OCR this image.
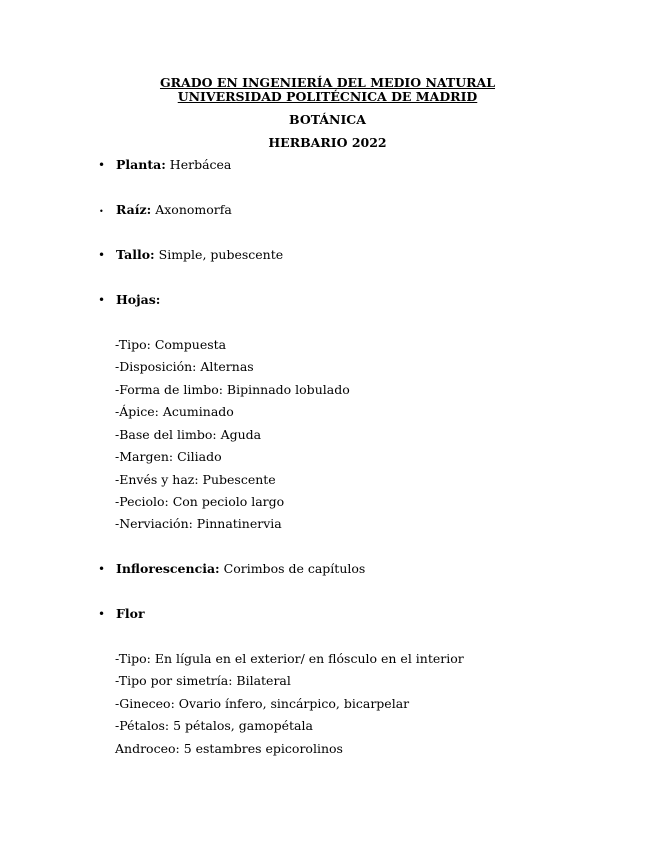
GRADO EN INGENIERÍA DEL MEDIO NATURAL UNIVERSIDAD POLITÉCNICA DE MADRID
BOTÁNICA
HERBARIO 2022
• Planta: Herbácea
• Raíz: Axonomorfa
• Tallo: Simple, pubescente
• Hojas:
-Tipo: Compuesta
-Disposición: Alternas
-Forma de limbo: Bipinnado lobulado
-Ápice: Acuminado
-Base del limbo: Aguda
-Margen: Ciliado
-Envés y haz: Pubescente
-Peciolo: Con peciolo largo
-Nerviación: Pinnatinervia
• Inflorescencia: Corimbos de capítulos
• Flor
-Tipo: En lígula en el exterior/ en flósculo en el interior
-Tipo por simetría: Bilateral
-Gineceo: Ovario ínfero, sincárpico, bicarpelar
-Pétalos: 5 pétalos, gamopétala
Androceo: 5 estambres epicorolinos
